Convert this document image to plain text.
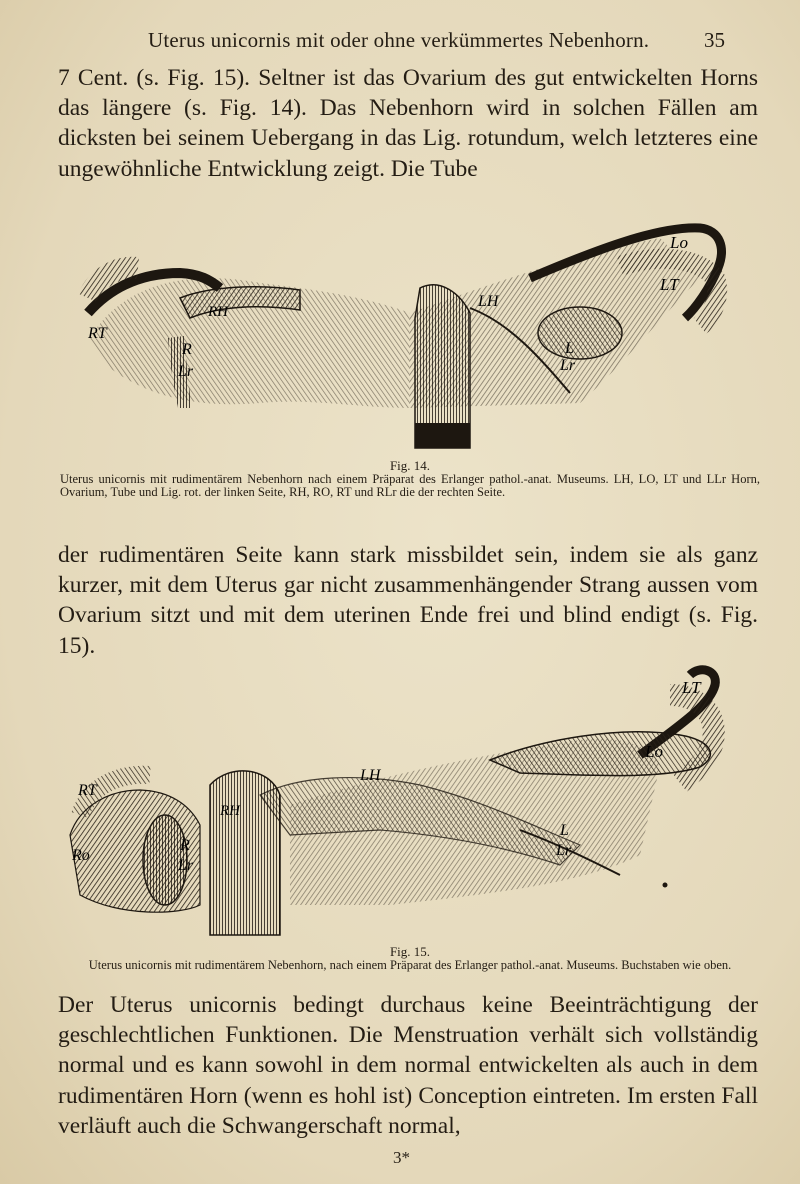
Uterus unicornis mit oder ohne verkümmertes Nebenhorn.	35

7 Cent. (s. Fig. 15). Seltner ist das Ovarium des gut entwickelten Horns das längere (s. Fig. 14). Das Nebenhorn wird in solchen Fällen am dicksten bei seinem Uebergang in das Lig. rotundum, welch letzteres eine ungewöhnliche Entwicklung zeigt. Die Tube

Lo
LH
LT
L
Lr
RT
RH
R
Lr
Fig. 14.
Uterus unicornis mit rudimentärem Nebenhorn nach einem Präparat des Erlanger pathol.-anat. Museums. LH, LO, LT und LLr Horn, Ovarium, Tube und Lig. rot. der linken Seite, RH, RO, RT und RLr die der rechten Seite.

der rudimentären Seite kann stark missbildet sein, indem sie als ganz kurzer, mit dem Uterus gar nicht zusammenhängender Strang aussen vom Ovarium sitzt und mit dem uterinen Ende frei und blind endigt (s. Fig. 15).

LT
Lo
LH
RT
Ro
RH
R
Lr
L
Lr
Fig. 15.
Uterus unicornis mit rudimentärem Nebenhorn, nach einem Präparat des Erlanger pathol.-anat. Museums. Buchstaben wie oben.

Der Uterus unicornis bedingt durchaus keine Beeinträchtigung der geschlechtlichen Funktionen. Die Menstruation verhält sich vollständig normal und es kann sowohl in dem normal entwickelten als auch in dem rudimentären Horn (wenn es hohl ist) Conception eintreten. Im ersten Fall verläuft auch die Schwangerschaft normal,

3*
